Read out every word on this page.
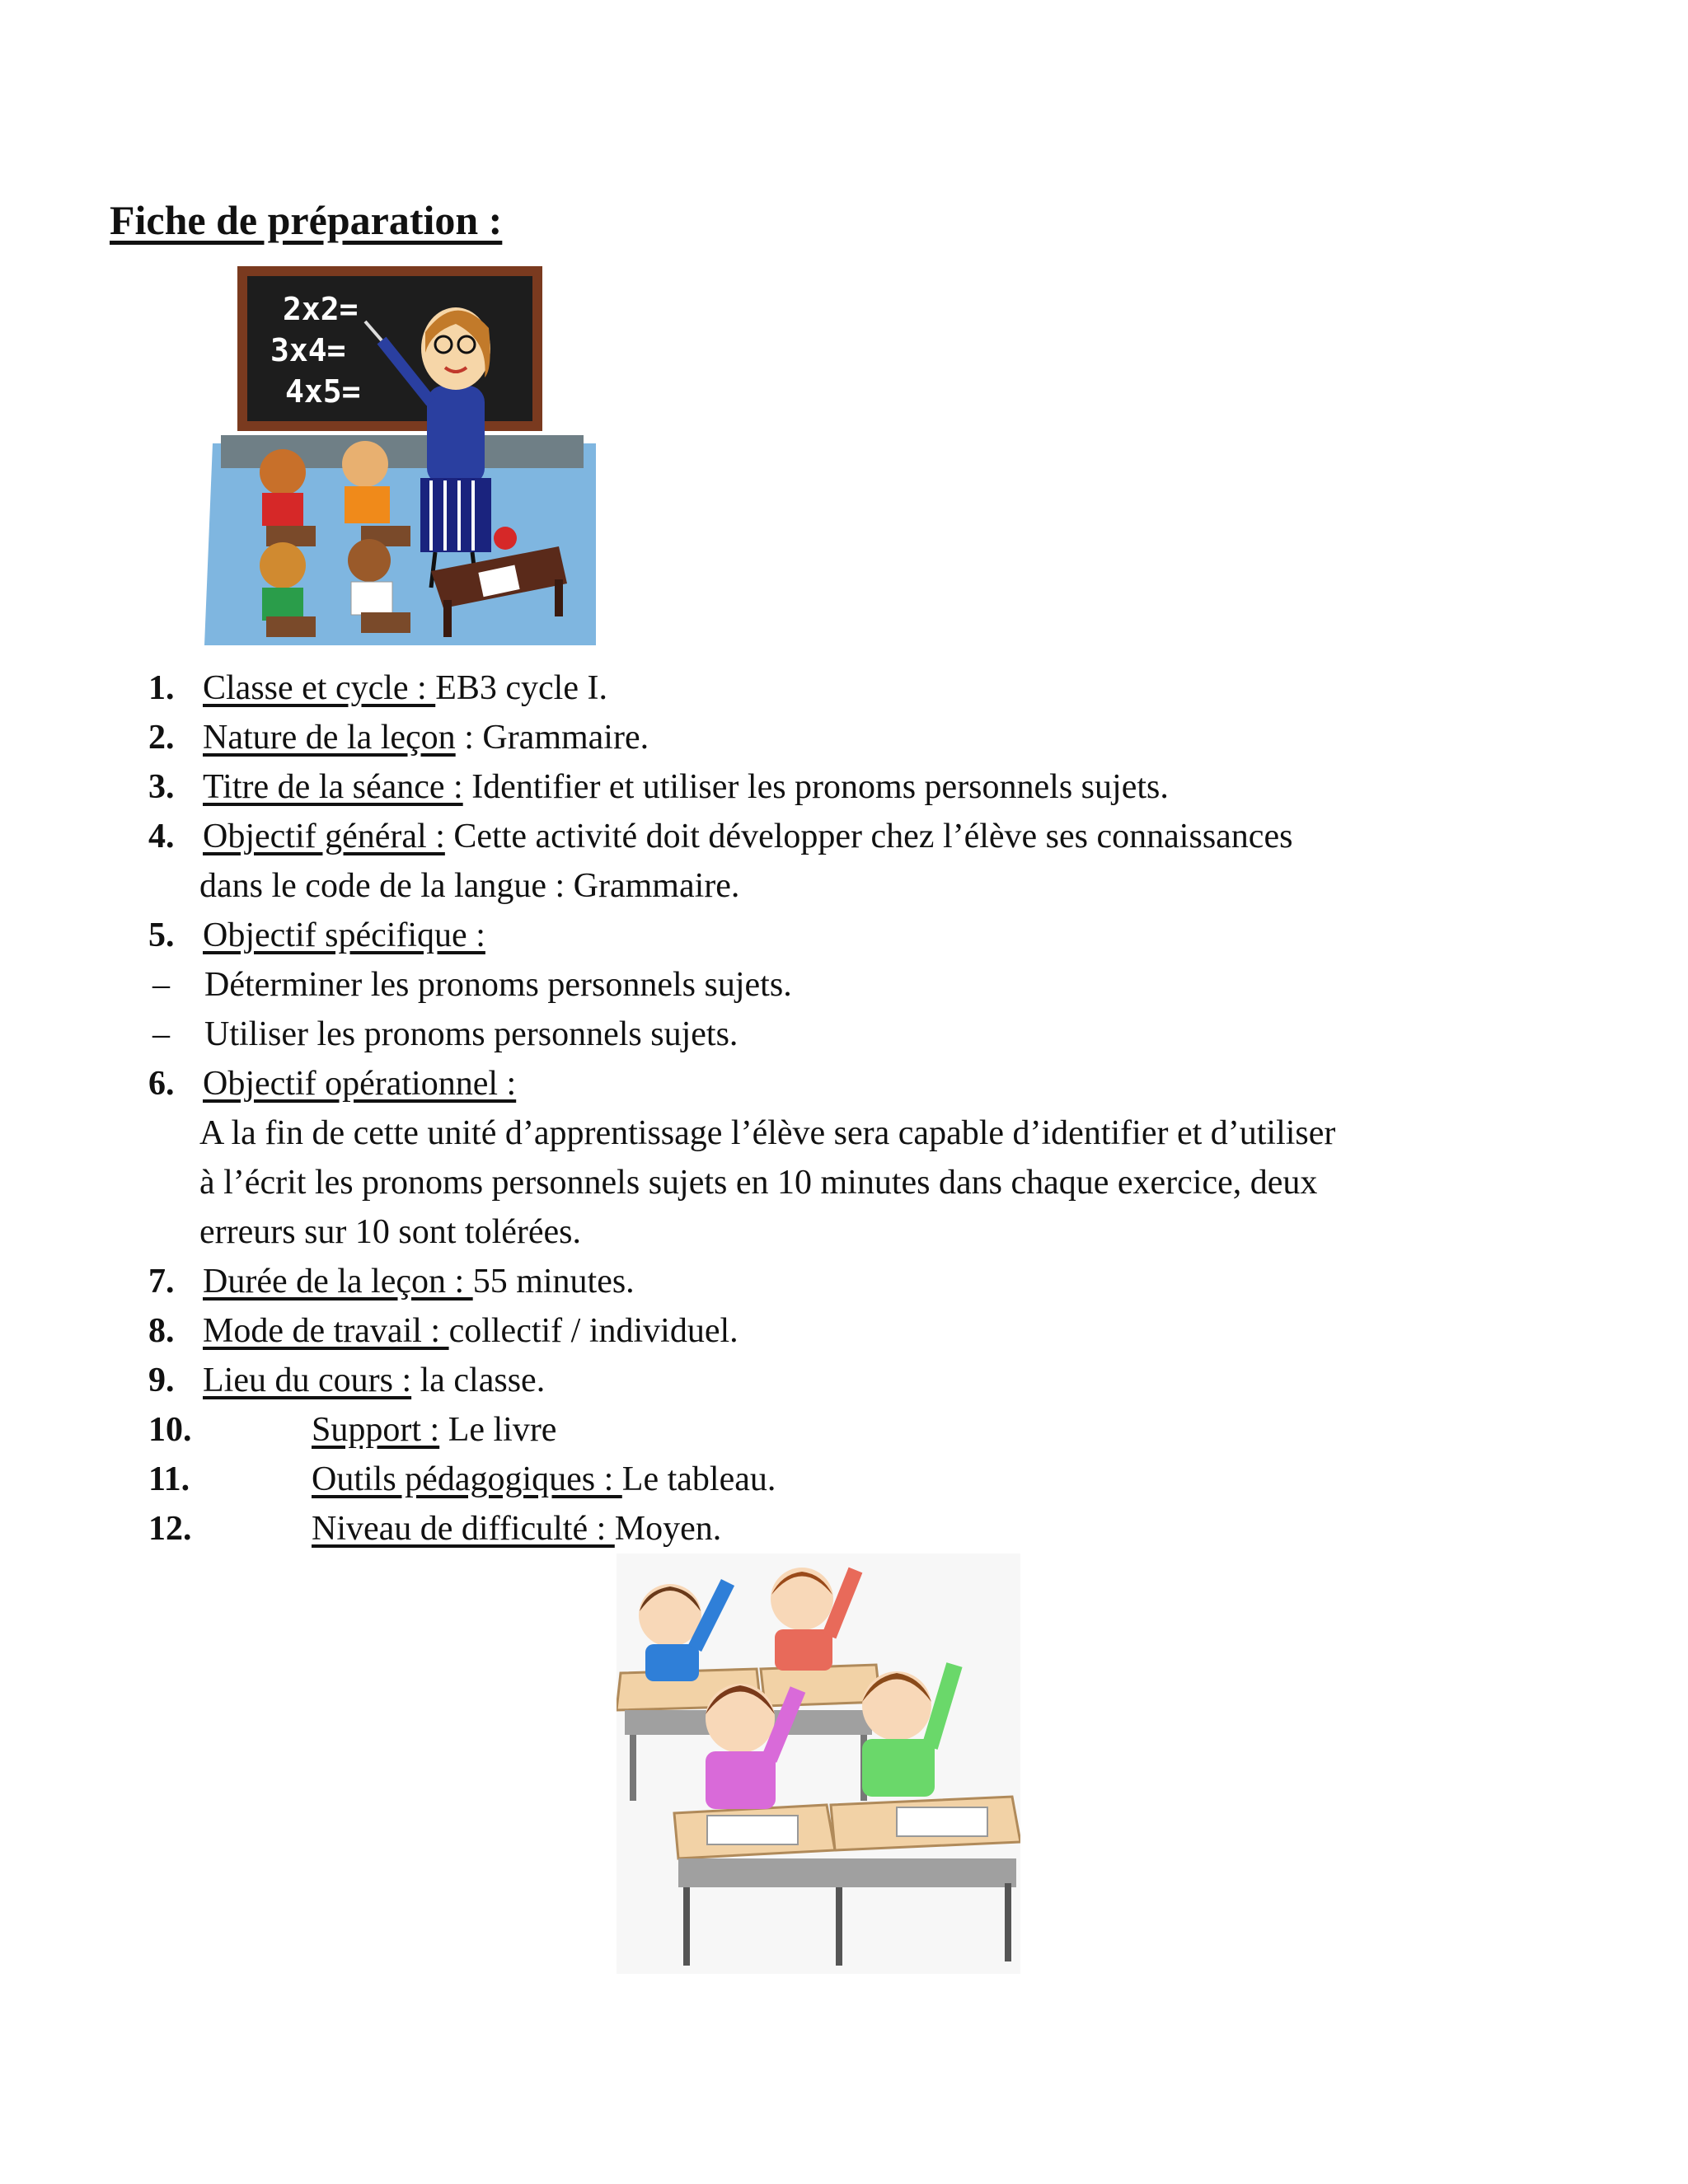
Fiche de préparation :
2x2=
3x4=
4x5=
1. Classe et cycle : EB3 cycle I.
2. Nature de la leçon : Grammaire.
3. Titre de la séance : Identifier et utiliser les pronoms personnels sujets.
4. Objectif général : Cette activité doit développer chez l’élève ses connaissances
dans le code de la langue : Grammaire.
5. Objectif spécifique :
– Déterminer les pronoms personnels sujets.
– Utiliser les pronoms personnels sujets.
6. Objectif opérationnel :
A la fin de cette unité d’apprentissage l’élève sera capable d’identifier et d’utiliser
à l’écrit les pronoms personnels sujets en 10 minutes dans chaque exercice, deux
erreurs sur 10 sont tolérées.
7. Durée de la leçon : 55 minutes.
8. Mode de travail : collectif / individuel.
9. Lieu du cours : la classe.
10.	Support : Le livre
11.	Outils pédagogiques : Le tableau.
12.	Niveau de difficulté : Moyen.
